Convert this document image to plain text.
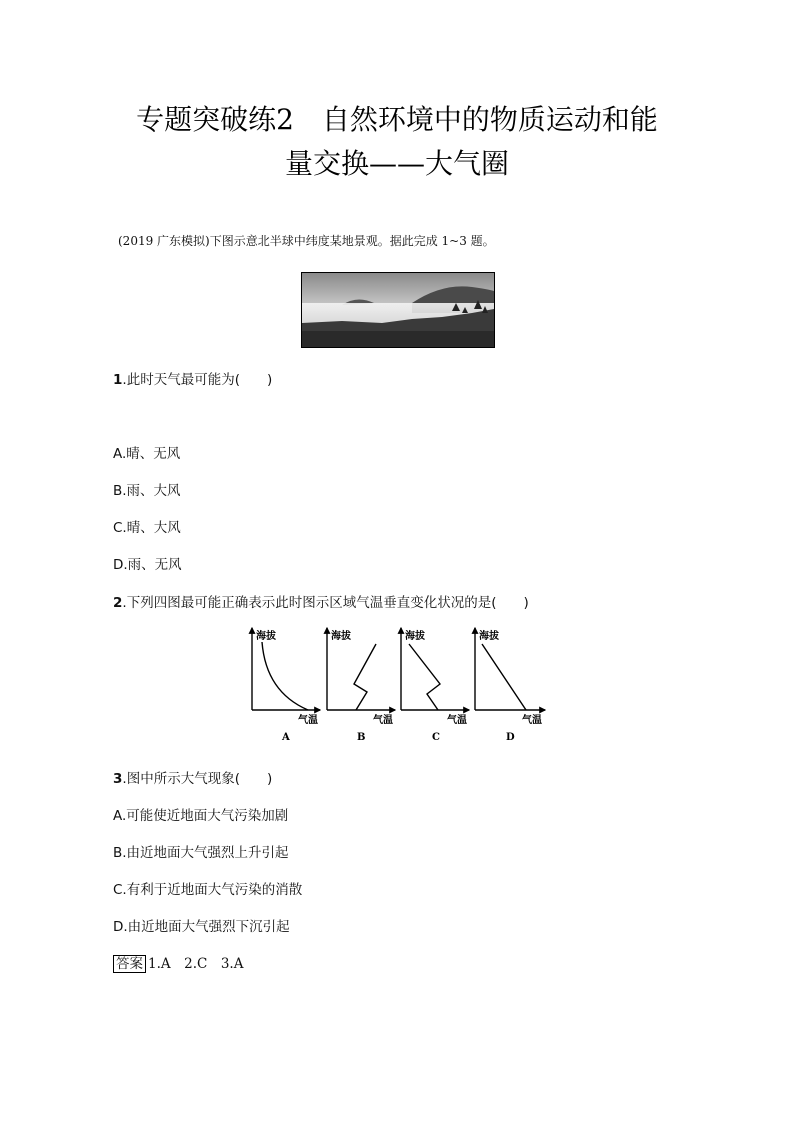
专题突破练2　自然环境中的物质运动和能
量交换——大气圈
(2019 广东模拟)下图示意北半球中纬度某地景观。据此完成 1~3 题。
1.此时天气最可能为(　　)
A.晴、无风
B.雨、大风
C.晴、大风
D.雨、无风
2.下列四图最可能正确表示此时图示区域气温垂直变化状况的是(　　)
海拔
气温
A
海拔
气温
B
海拔
气温
C
海拔
气温
D
3.图中所示大气现象(　　)
A.可能使近地面大气污染加剧
B.由近地面大气强烈上升引起
C.有利于近地面大气污染的消散
D.由近地面大气强烈下沉引起
答案 1.A　2.C　3.A
